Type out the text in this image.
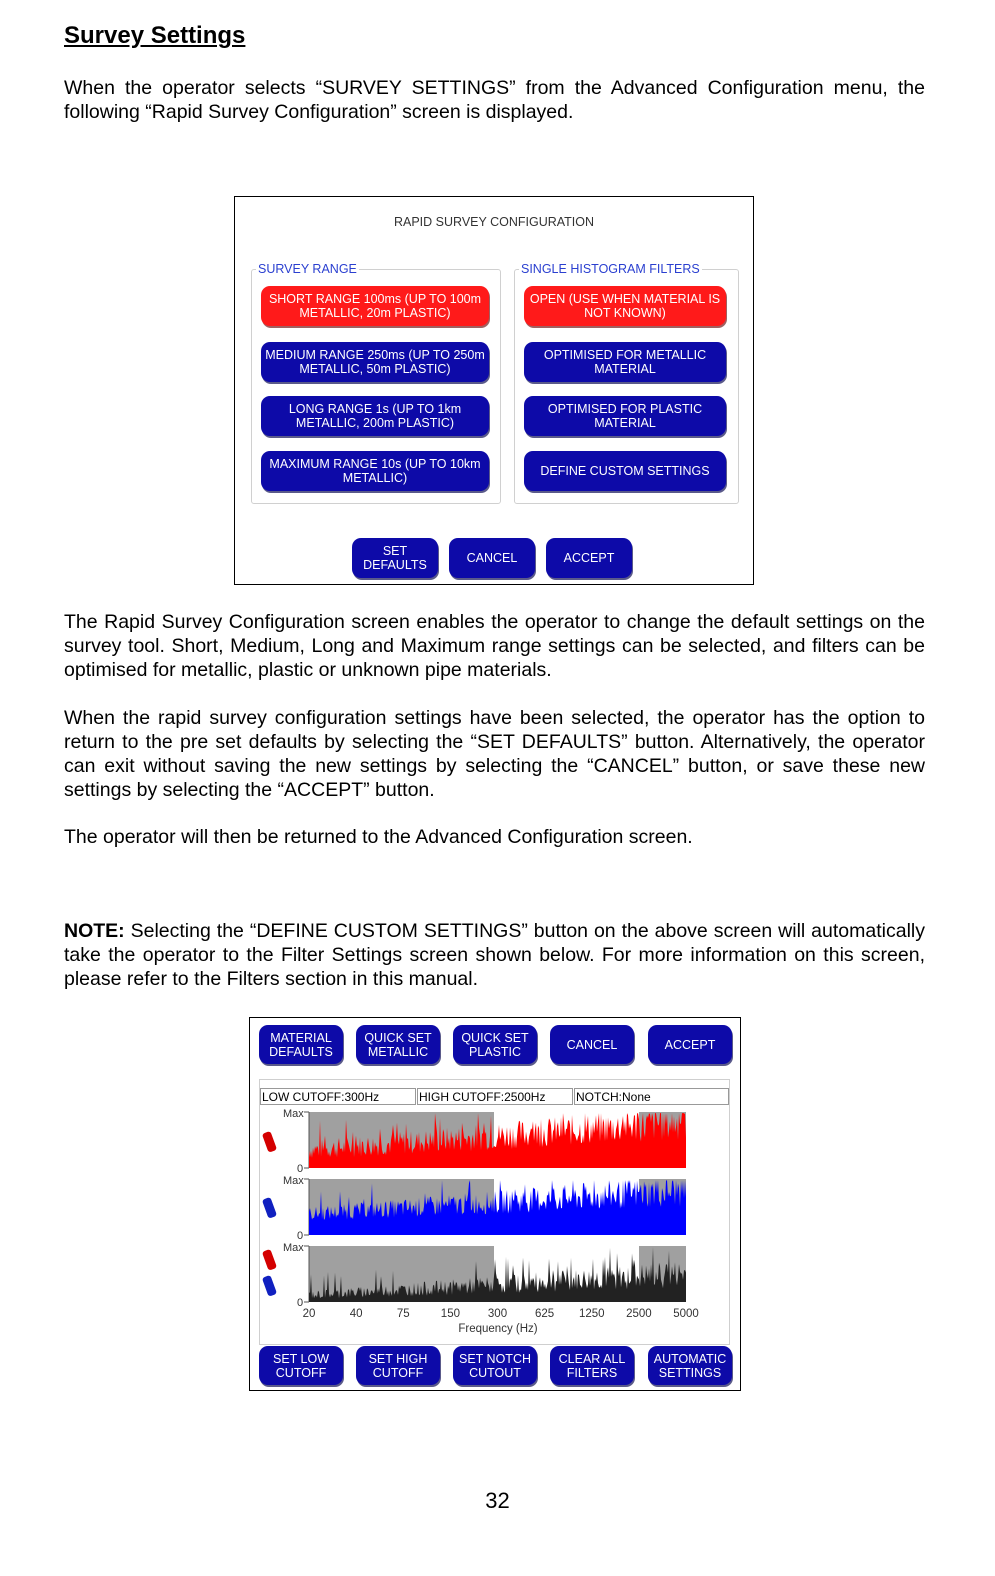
Survey Settings
When the operator selects “SURVEY SETTINGS” from the Advanced Configuration menu, the following “Rapid Survey Configuration” screen is displayed.
RAPID SURVEY CONFIGURATION
SURVEY RANGE	SINGLE HISTOGRAM FILTERS
SHORT RANGE 100ms (UP TO 100m
METALLIC, 20m PLASTIC)
MEDIUM RANGE 250ms (UP TO 250m
METALLIC, 50m PLASTIC)
LONG RANGE 1s (UP TO 1km
METALLIC, 200m PLASTIC)
MAXIMUM RANGE 10s (UP TO 10km
METALLIC)
OPEN (USE WHEN MATERIAL IS
NOT KNOWN)
OPTIMISED FOR METALLIC
MATERIAL
OPTIMISED FOR PLASTIC
MATERIAL
DEFINE CUSTOM SETTINGS
SET
DEFAULTS	CANCEL	ACCEPT
The Rapid Survey Configuration screen enables the operator to change the default settings on the survey tool. Short, Medium, Long and Maximum range settings can be selected, and filters can be optimised for metallic, plastic or unknown pipe materials.
When the rapid survey configuration settings have been selected, the operator has the option to return to the pre set defaults by selecting the “SET DEFAULTS” button. Alternatively, the operator can exit without saving the new settings by selecting the “CANCEL” button, or save these new settings by selecting the “ACCEPT” button.
The operator will then be returned to the Advanced Configuration screen.
NOTE: Selecting the “DEFINE CUSTOM SETTINGS” button on the above screen will automatically take the operator to the Filter Settings screen shown below. For more information on this screen, please refer to the Filters section in this manual.
MATERIAL
DEFAULTS
QUICK SET
METALLIC
QUICK SET
PLASTIC	CANCEL	ACCEPT
LOW CUTOFF:300Hz	HIGH CUTOFF:2500Hz	NOTCH:None
Max
0
Max
0
Max
0
20	40	75	150 300 625 1250 2500 5000
Frequency (Hz)
SET LOW
CUTOFF
SET HIGH
CUTOFF
SET NOTCH
CUTOUT
CLEAR ALL
FILTERS
AUTOMATIC
SETTINGS
32
